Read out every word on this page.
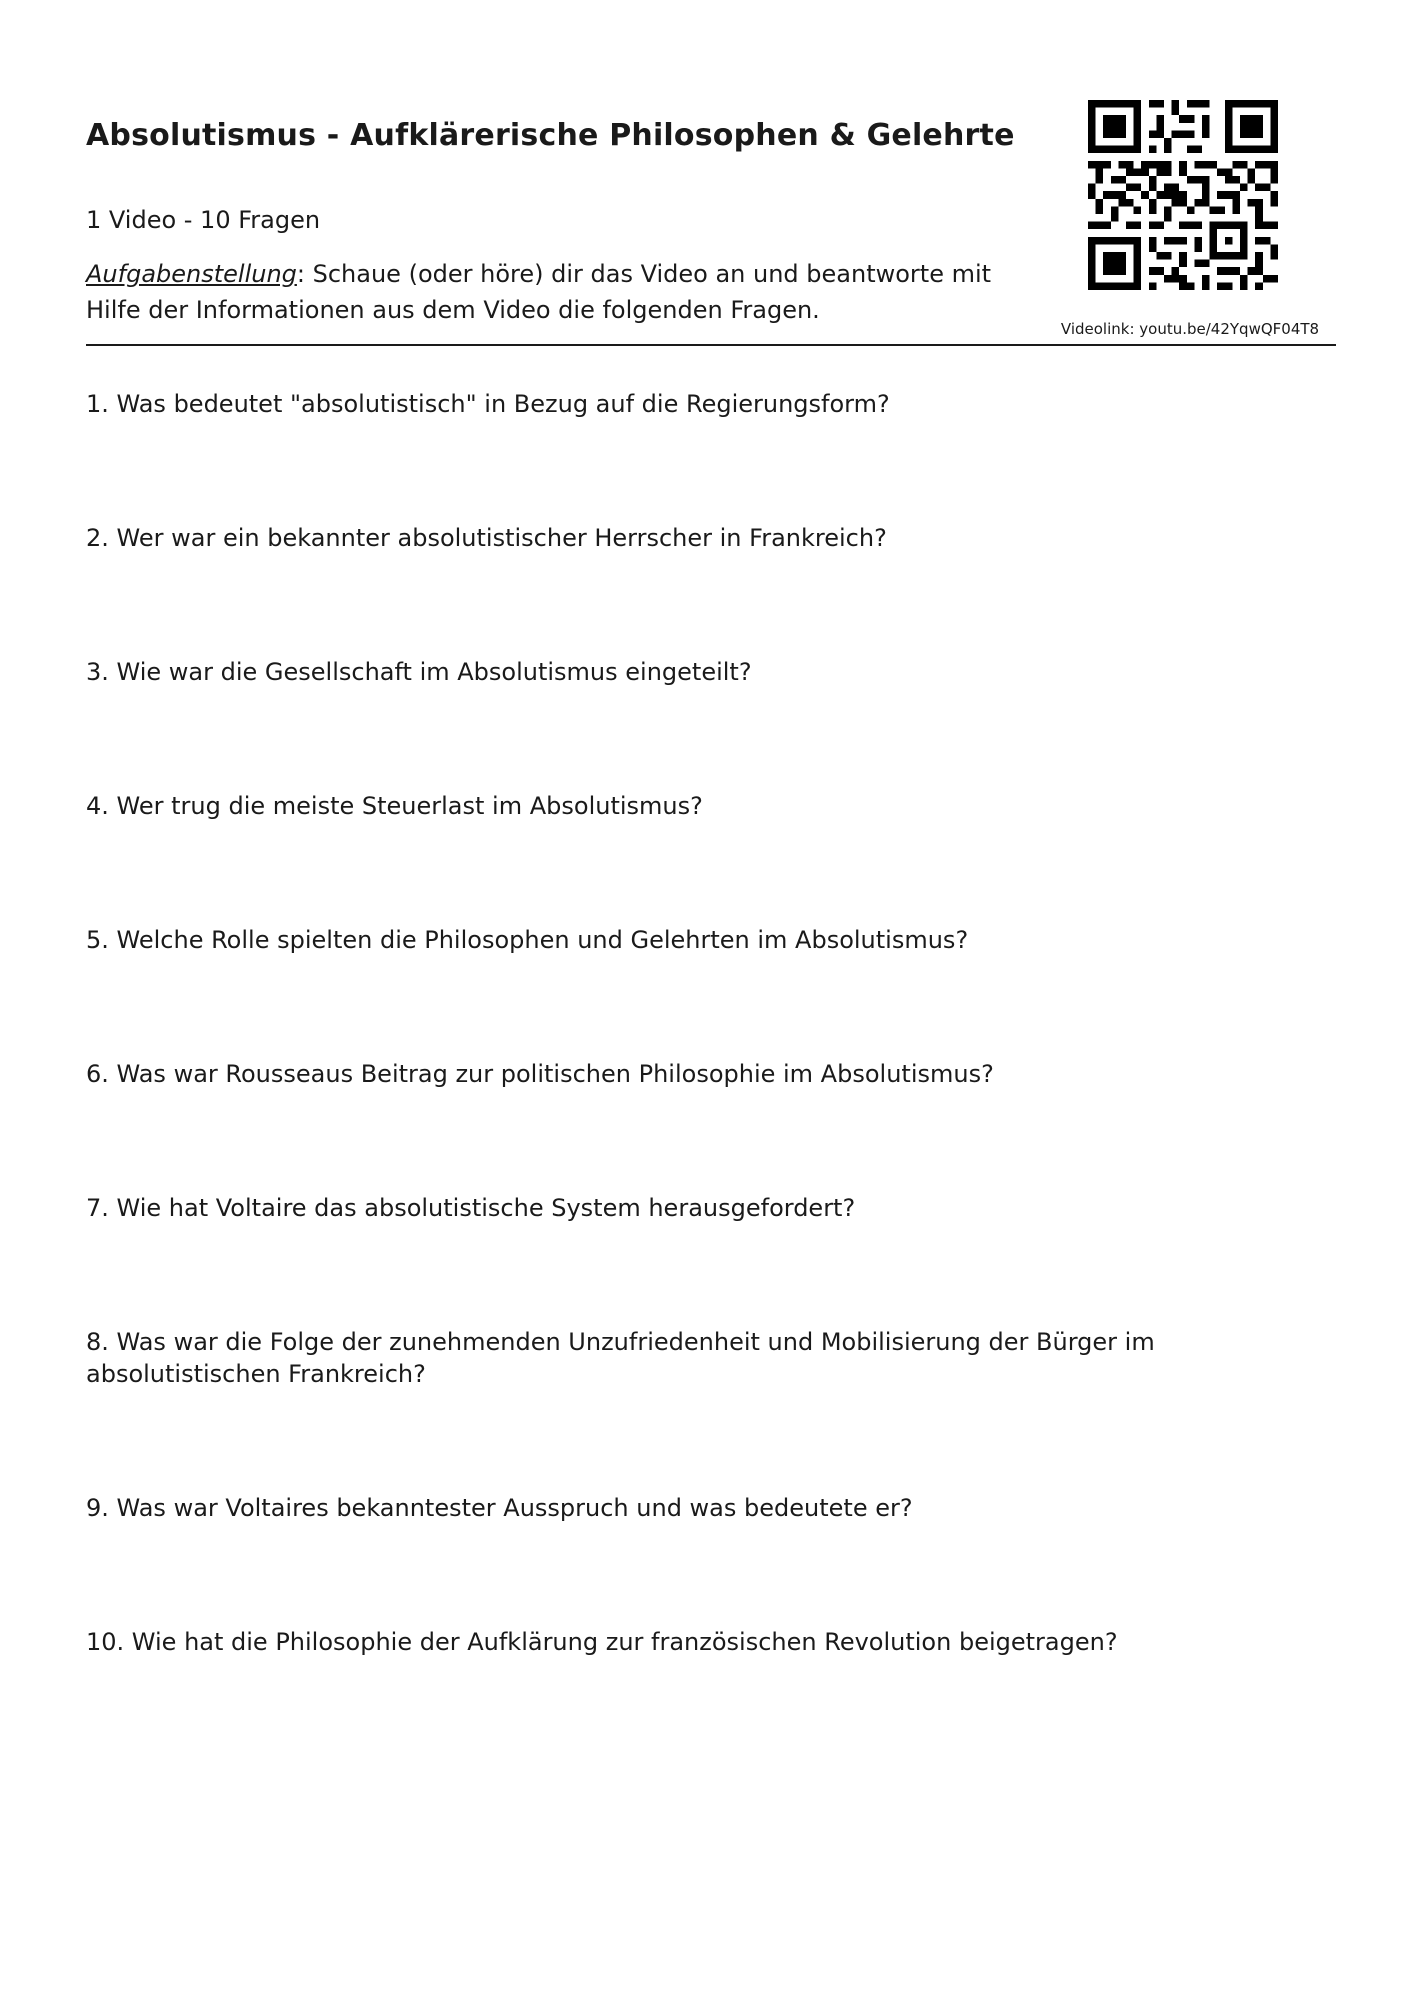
Absolutismus - Aufklärerische Philosophen & Gelehrte
1 Video - 10 Fragen
Aufgabenstellung: Schaue (oder höre) dir das Video an und beantworte mit Hilfe der Informationen aus dem Video die folgenden Fragen.
Videolink: youtu.be/42YqwQF04T8
1. Was bedeutet "absolutistisch" in Bezug auf die Regierungsform?
2. Wer war ein bekannter absolutistischer Herrscher in Frankreich?
3. Wie war die Gesellschaft im Absolutismus eingeteilt?
4. Wer trug die meiste Steuerlast im Absolutismus?
5. Welche Rolle spielten die Philosophen und Gelehrten im Absolutismus?
6. Was war Rousseaus Beitrag zur politischen Philosophie im Absolutismus?
7. Wie hat Voltaire das absolutistische System herausgefordert?
8. Was war die Folge der zunehmenden Unzufriedenheit und Mobilisierung der Bürger im absolutistischen Frankreich?
9. Was war Voltaires bekanntester Ausspruch und was bedeutete er?
10. Wie hat die Philosophie der Aufklärung zur französischen Revolution beigetragen?
